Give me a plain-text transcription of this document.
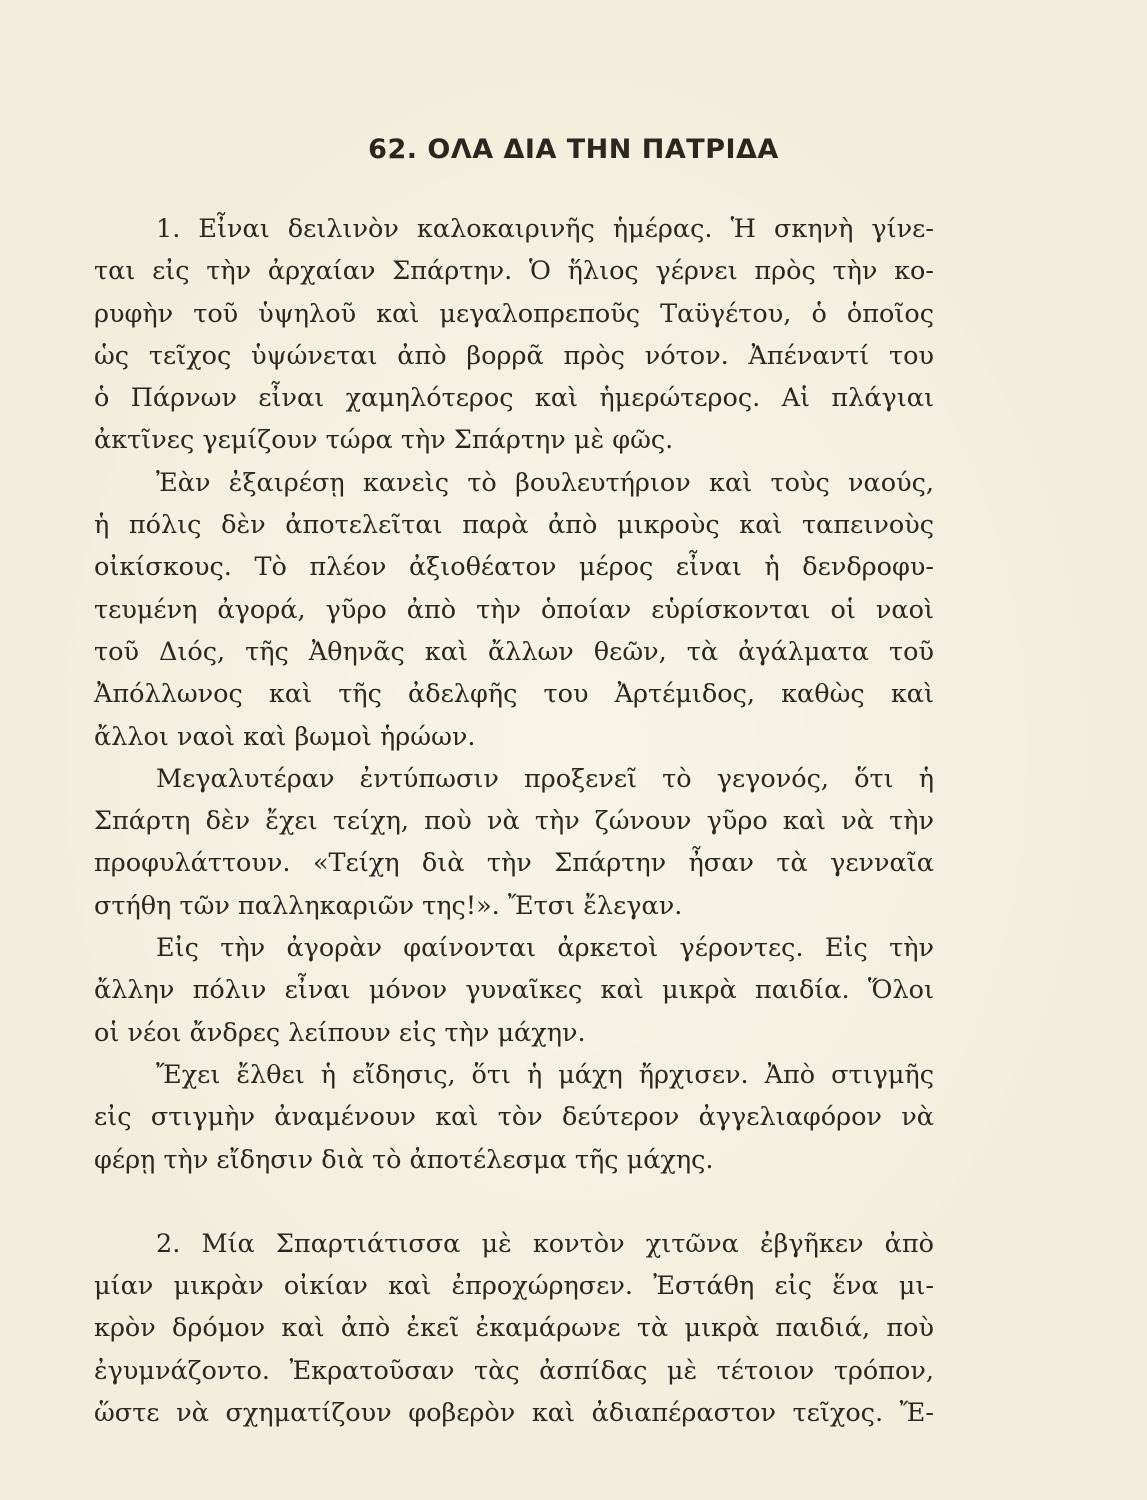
62. ΟΛΑ ΔΙΑ ΤΗΝ ΠΑΤΡΙΔΑ
1. Εἶναι δειλινὸν καλοκαιρινῆς ἡμέρας. Ἡ σκηνὴ γίνε-
ται εἰς τὴν ἀρχαίαν Σπάρτην. Ὁ ἥλιος γέρνει πρὸς τὴν κο-
ρυφὴν τοῦ ὑψηλοῦ καὶ μεγαλοπρεποῦς Ταϋγέτου, ὁ ὁποῖος
ὡς τεῖχος ὑψώνεται ἀπὸ βορρᾶ πρὸς νότον. Ἀπέναντί του
ὁ Πάρνων εἶναι χαμηλότερος καὶ ἡμερώτερος. Αἱ πλάγιαι
ἀκτῖνες γεμίζουν τώρα τὴν Σπάρτην μὲ φῶς.
Ἐὰν ἐξαιρέσῃ κανεὶς τὸ βουλευτήριον καὶ τοὺς ναούς,
ἡ πόλις δὲν ἀποτελεῖται παρὰ ἀπὸ μικροὺς καὶ ταπεινοὺς
οἰκίσκους. Τὸ πλέον ἀξιοθέατον μέρος εἶναι ἡ δενδροφυ-
τευμένη ἀγορά, γῦρο ἀπὸ τὴν ὁποίαν εὑρίσκονται οἱ ναοὶ
τοῦ Διός, τῆς Ἀθηνᾶς καὶ ἄλλων θεῶν, τὰ ἀγάλματα τοῦ
Ἀπόλλωνος καὶ τῆς ἀδελφῆς του Ἀρτέμιδος, καθὼς καὶ
ἄλλοι ναοὶ καὶ βωμοὶ ἡρώων.
Μεγαλυτέραν ἐντύπωσιν προξενεῖ τὸ γεγονός, ὅτι ἡ
Σπάρτη δὲν ἔχει τείχη, ποὺ νὰ τὴν ζώνουν γῦρο καὶ νὰ τὴν
προφυλάττουν. «Τείχη διὰ τὴν Σπάρτην ἦσαν τὰ γενναῖα
στήθη τῶν παλληκαριῶν της!». Ἔτσι ἔλεγαν.
Εἰς τὴν ἀγορὰν φαίνονται ἀρκετοὶ γέροντες. Εἰς τὴν
ἄλλην πόλιν εἶναι μόνον γυναῖκες καὶ μικρὰ παιδία. Ὅλοι
οἱ νέοι ἄνδρες λείπουν εἰς τὴν μάχην.
Ἔχει ἔλθει ἡ εἴδησις, ὅτι ἡ μάχη ἤρχισεν. Ἀπὸ στιγμῆς
εἰς στιγμὴν ἀναμένουν καὶ τὸν δεύτερον ἀγγελιαφόρον νὰ
φέρῃ τὴν εἴδησιν διὰ τὸ ἀποτέλεσμα τῆς μάχης.
2. Μία Σπαρτιάτισσα μὲ κοντὸν χιτῶνα ἐβγῆκεν ἀπὸ
μίαν μικρὰν οἰκίαν καὶ ἐπροχώρησεν. Ἐστάθη εἰς ἕνα μι-
κρὸν δρόμον καὶ ἀπὸ ἐκεῖ ἐκαμάρωνε τὰ μικρὰ παιδιά, ποὺ
ἐγυμνάζοντο. Ἐκρατοῦσαν τὰς ἀσπίδας μὲ τέτοιον τρόπον,
ὥστε νὰ σχηματίζουν φοβερὸν καὶ ἀδιαπέραστον τεῖχος. Ἔ-
